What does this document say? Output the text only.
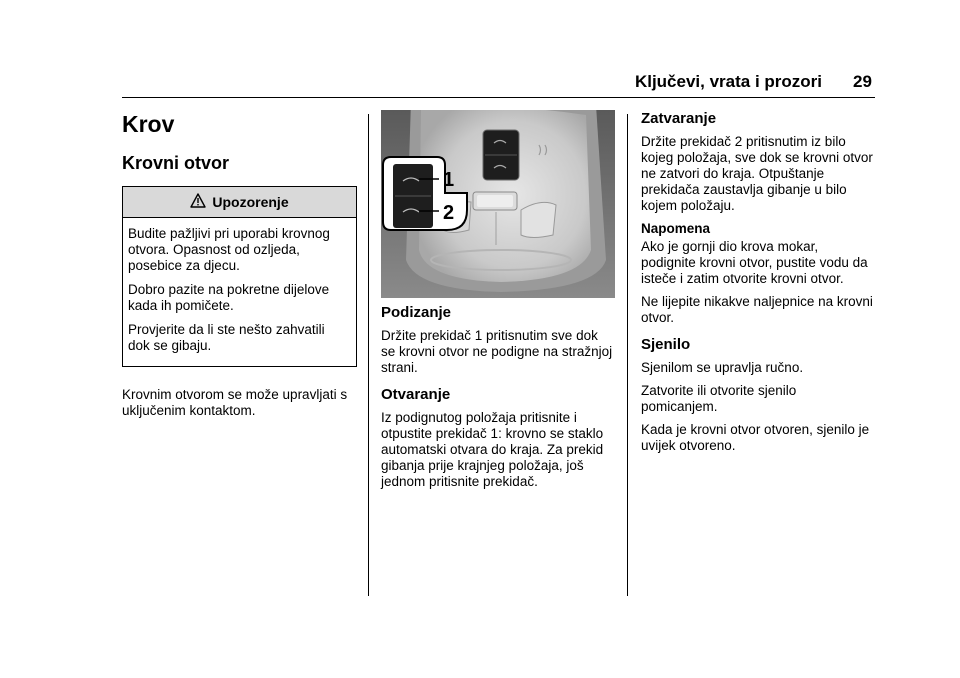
Ključevi, vrata i prozori 29
Krov
Krovni otvor
Upozorenje

Budite pažljivi pri uporabi krovnog otvora. Opasnost od ozljeda, posebice za djecu.

Dobro pazite na pokretne dijelove kada ih pomičete.

Provjerite da li ste nešto zahvatili dok se gibaju.

Krovnim otvorom se može upravljati s uključenim kontaktom.

1
2
Podizanje

Držite prekidač 1 pritisnutim sve dok se krovni otvor ne podigne na stražnjoj strani.

Otvaranje

Iz podignutog položaja pritisnite i otpustite prekidač 1: krovno se staklo automatski otvara do kraja. Za prekid gibanja prije krajnjeg položaja, još jednom pritisnite prekidač.

Zatvaranje

Držite prekidač 2 pritisnutim iz bilo kojeg položaja, sve dok se krovni otvor ne zatvori do kraja. Otpuštanje prekidača zaustavlja gibanje u bilo kojem položaju.

Napomena

Ako je gornji dio krova mokar, podignite krovni otvor, pustite vodu da isteče i zatim otvorite krovni otvor.

Ne lijepite nikakve naljepnice na krovni otvor.

Sjenilo

Sjenilom se upravlja ručno.

Zatvorite ili otvorite sjenilo pomicanjem.

Kada je krovni otvor otvoren, sjenilo je uvijek otvoreno.
